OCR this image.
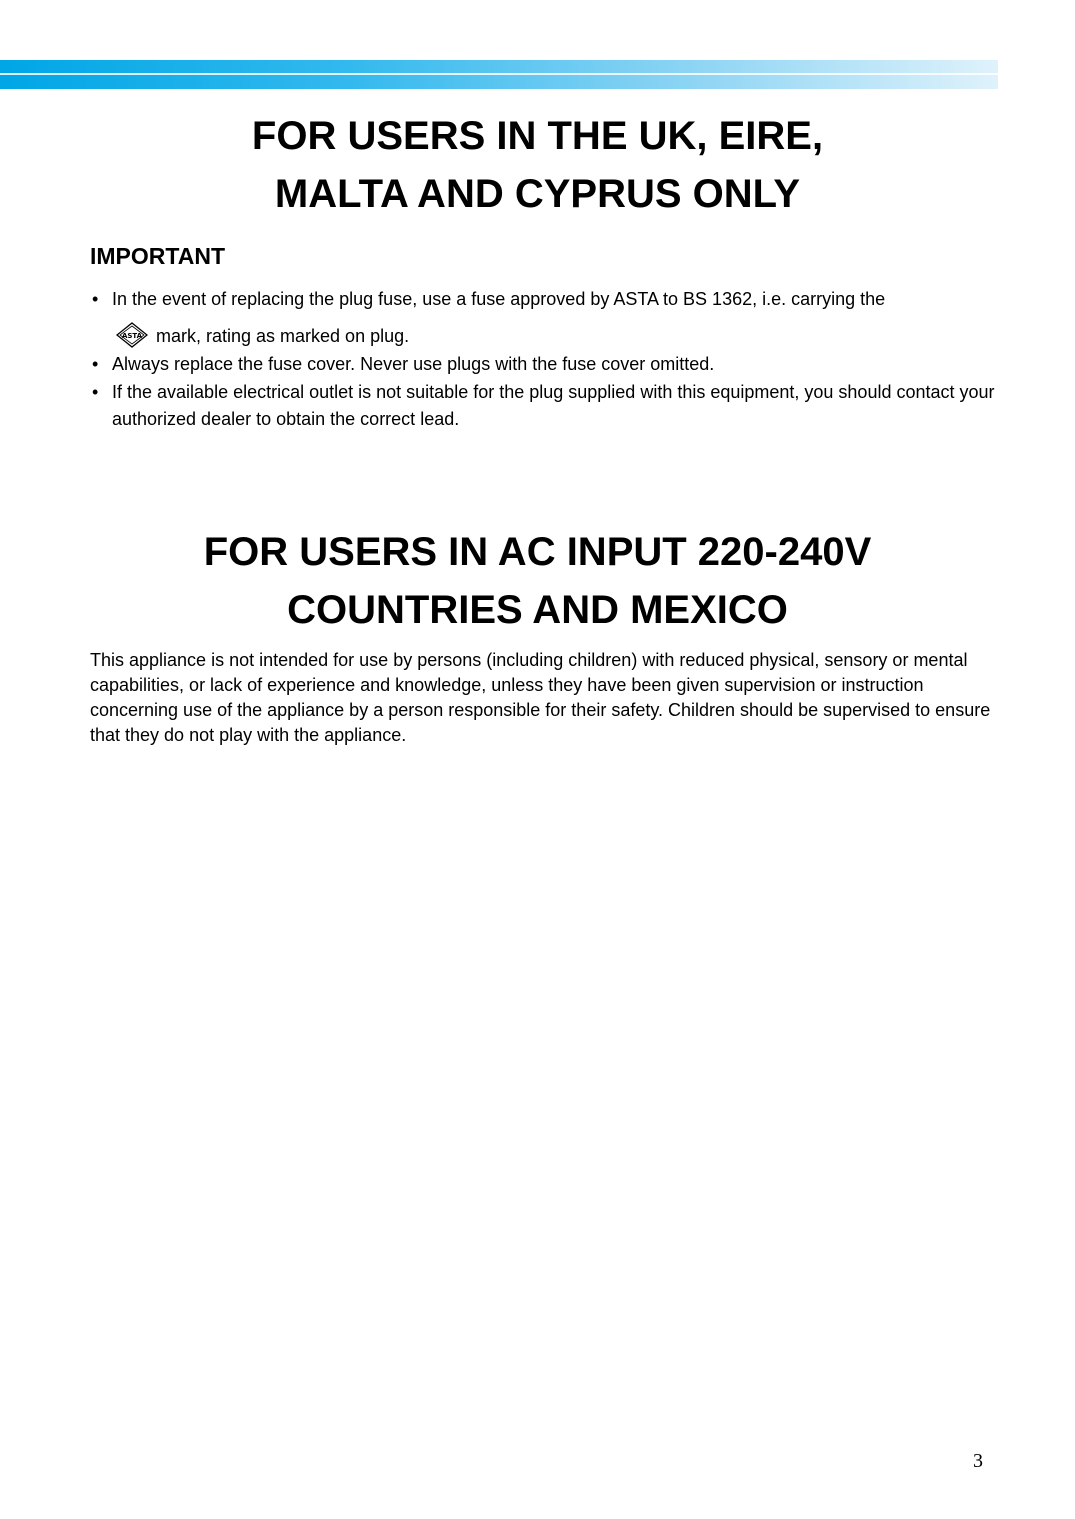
FOR USERS IN THE UK, EIRE,
MALTA AND CYPRUS ONLY
IMPORTANT
• In the event of replacing the plug fuse, use a fuse approved by ASTA to BS 1362, i.e. carrying the
ASTA mark, rating as marked on plug.
• Always replace the fuse cover. Never use plugs with the fuse cover omitted.
• If the available electrical outlet is not suitable for the plug supplied with this equipment, you should contact your authorized dealer to obtain the correct lead.
FOR USERS IN AC INPUT 220-240V
COUNTRIES AND MEXICO

This appliance is not intended for use by persons (including children) with reduced physical, sensory or mental capabilities, or lack of experience and knowledge, unless they have been given supervision or instruction concerning use of the appliance by a person responsible for their safety. Children should be supervised to ensure that they do not play with the appliance.

3
